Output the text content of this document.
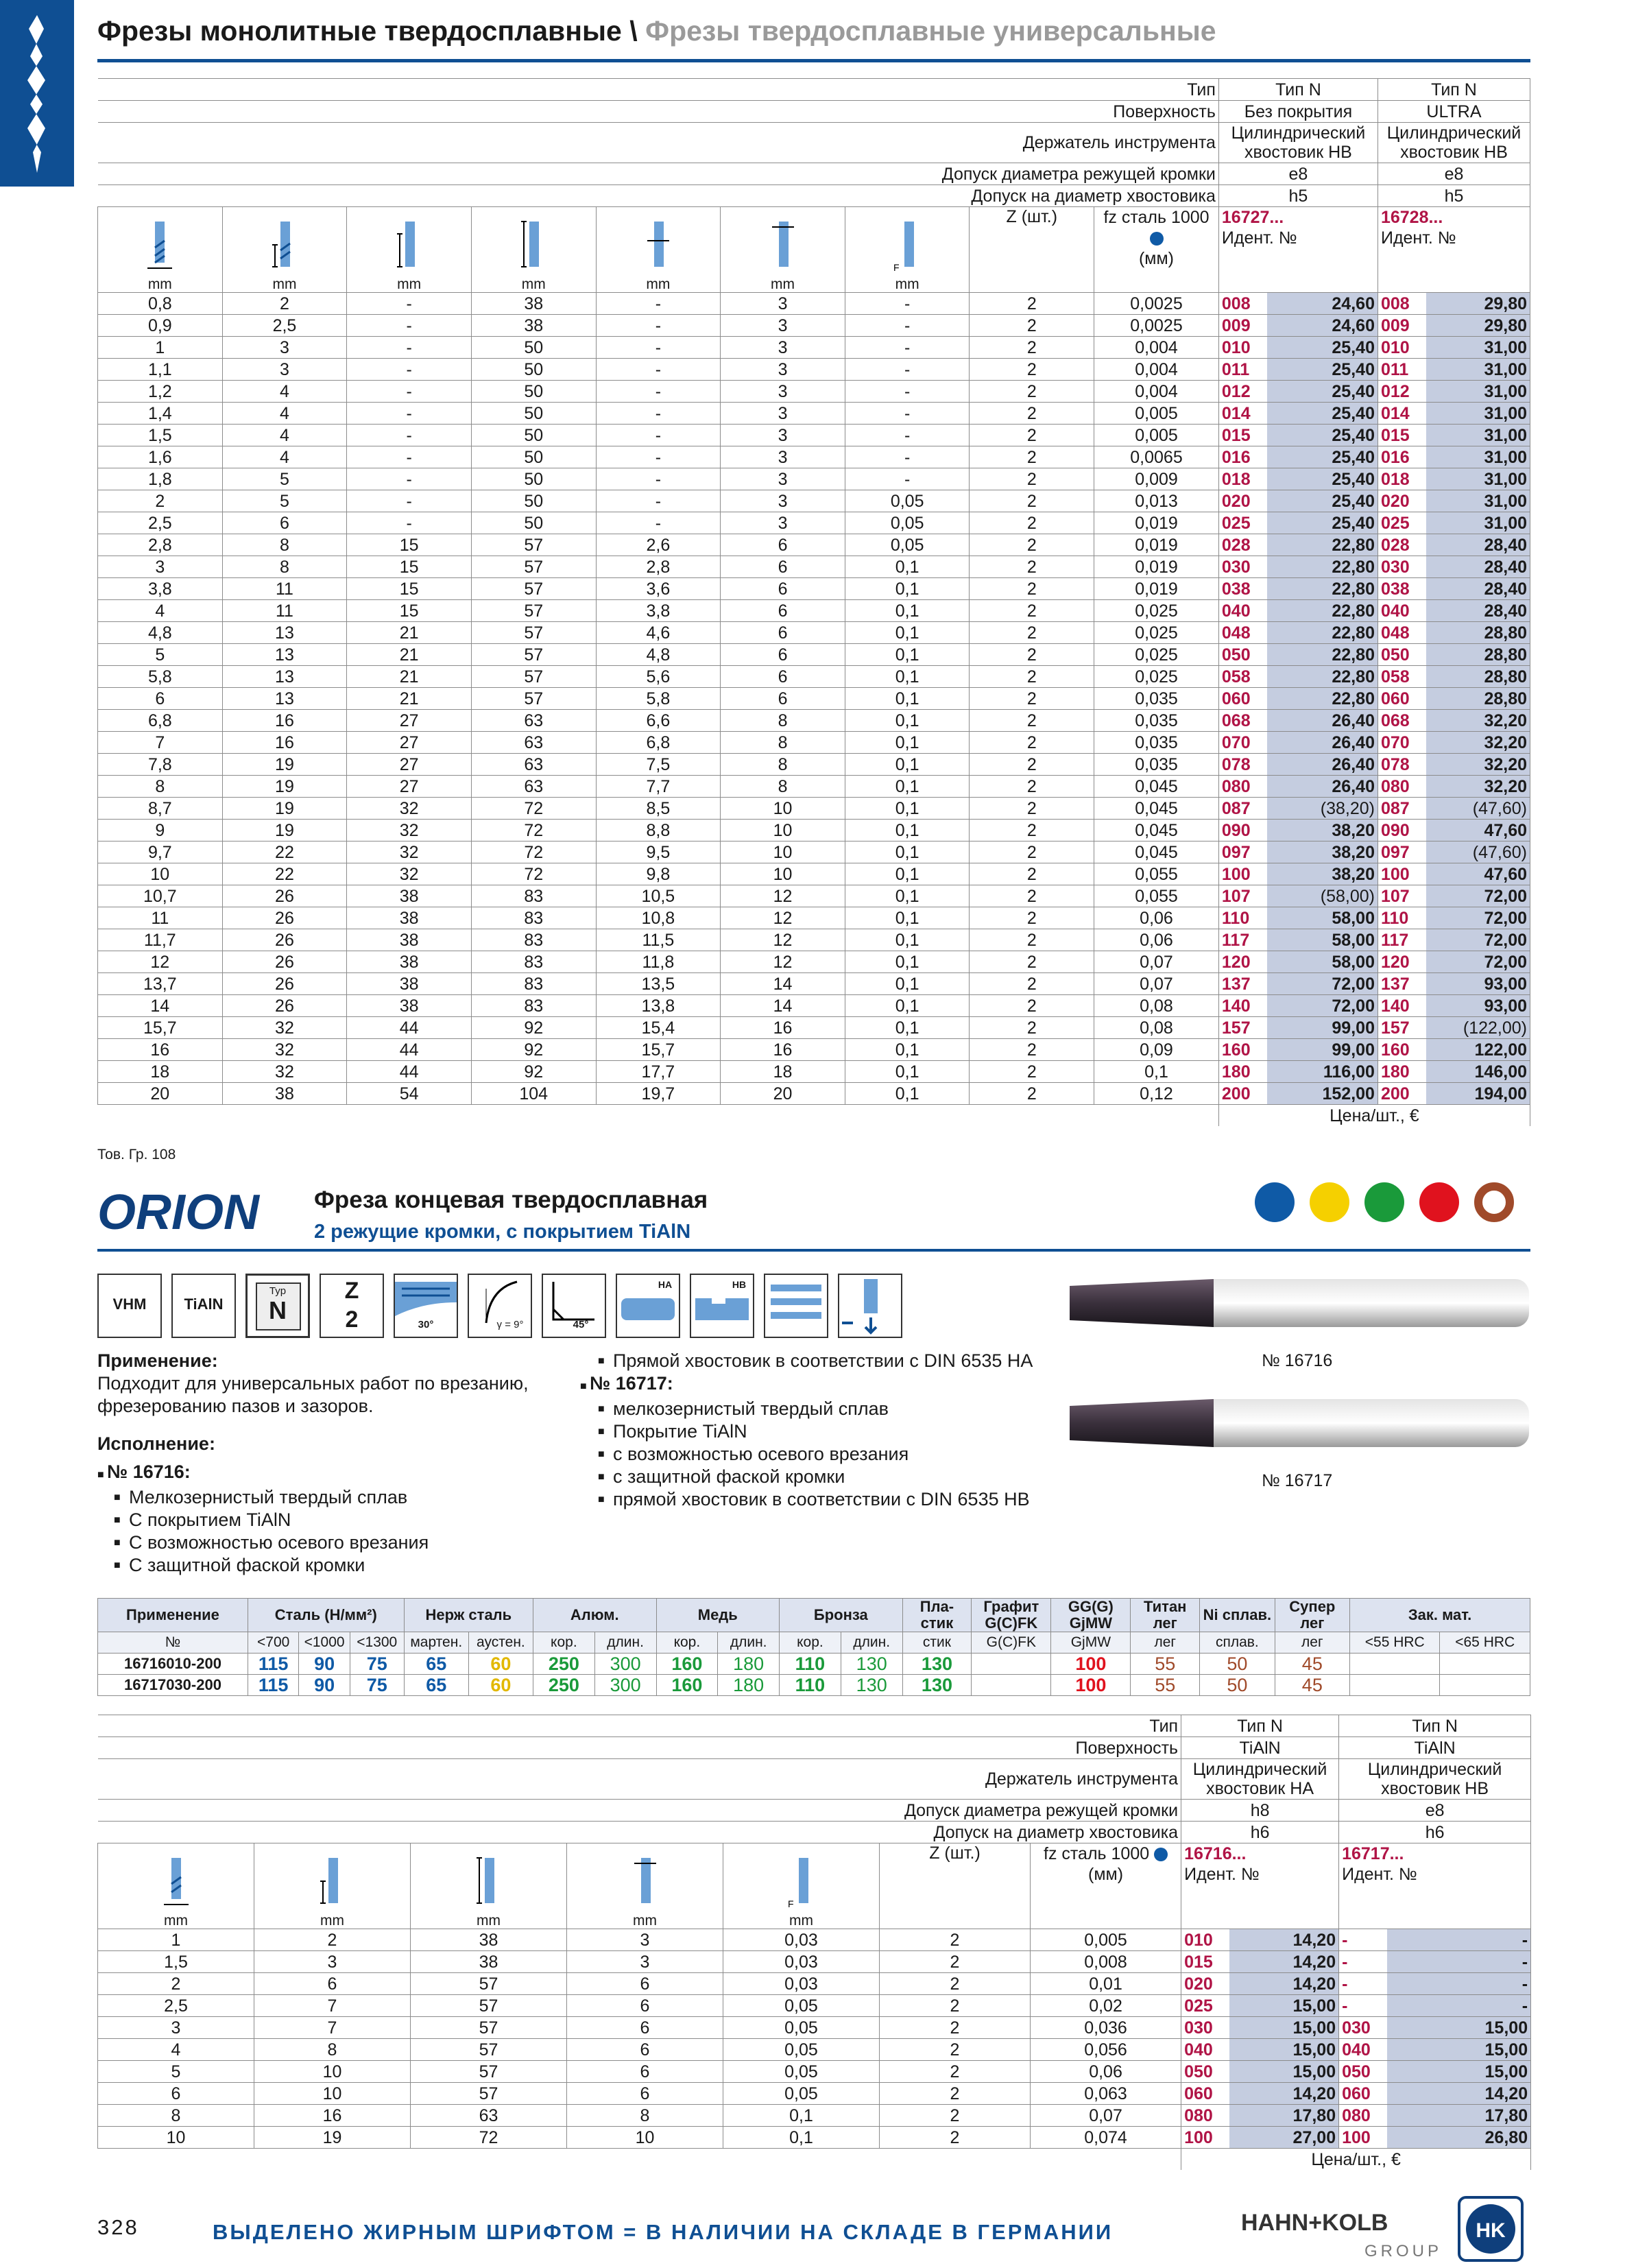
Фрезы монолитные твердосплавные \ Фрезы твердосплавные универсальные
Тип									Тип N		Тип N	
Поверхность									Без покрытия		ULTRA	
Держатель инструмента									Цилиндрический хвостовик HB		Цилиндрический хвостовик HB	
Допуск диаметра режущей кромки									e8		e8	
Допуск на диаметр хвостовика									h5		h5	

mm	mm	mm	mm	mm	mm	F

mm	Z (шт.)	fz сталь 1000
(мм)	16727...
Идент. №		16728...
Идент. №	
0,8	2	-	38	-	3	-	2	0,0025	008	24,60	008	29,80
0,9	2,5	-	38	-	3	-	2	0,0025	009	24,60	009	29,80
1	3	-	50	-	3	-	2	0,004	010	25,40	010	31,00
1,1	3	-	50	-	3	-	2	0,004	011	25,40	011	31,00
1,2	4	-	50	-	3	-	2	0,004	012	25,40	012	31,00
1,4	4	-	50	-	3	-	2	0,005	014	25,40	014	31,00
1,5	4	-	50	-	3	-	2	0,005	015	25,40	015	31,00
1,6	4	-	50	-	3	-	2	0,0065	016	25,40	016	31,00
1,8	5	-	50	-	3	-	2	0,009	018	25,40	018	31,00
2	5	-	50	-	3	0,05	2	0,013	020	25,40	020	31,00
2,5	6	-	50	-	3	0,05	2	0,019	025	25,40	025	31,00
2,8	8	15	57	2,6	6	0,05	2	0,019	028	22,80	028	28,40
3	8	15	57	2,8	6	0,1	2	0,019	030	22,80	030	28,40
3,8	11	15	57	3,6	6	0,1	2	0,019	038	22,80	038	28,40
4	11	15	57	3,8	6	0,1	2	0,025	040	22,80	040	28,40
4,8	13	21	57	4,6	6	0,1	2	0,025	048	22,80	048	28,80
5	13	21	57	4,8	6	0,1	2	0,025	050	22,80	050	28,80
5,8	13	21	57	5,6	6	0,1	2	0,025	058	22,80	058	28,80
6	13	21	57	5,8	6	0,1	2	0,035	060	22,80	060	28,80
6,8	16	27	63	6,6	8	0,1	2	0,035	068	26,40	068	32,20
7	16	27	63	6,8	8	0,1	2	0,035	070	26,40	070	32,20
7,8	19	27	63	7,5	8	0,1	2	0,035	078	26,40	078	32,20
8	19	27	63	7,7	8	0,1	2	0,045	080	26,40	080	32,20
8,7	19	32	72	8,5	10	0,1	2	0,045	087	(38,20)	087	(47,60)
9	19	32	72	8,8	10	0,1	2	0,045	090	38,20	090	47,60
9,7	22	32	72	9,5	10	0,1	2	0,045	097	38,20	097	(47,60)
10	22	32	72	9,8	10	0,1	2	0,055	100	38,20	100	47,60
10,7	26	38	83	10,5	12	0,1	2	0,055	107	(58,00)	107	72,00
11	26	38	83	10,8	12	0,1	2	0,06	110	58,00	110	72,00
11,7	26	38	83	11,5	12	0,1	2	0,06	117	58,00	117	72,00
12	26	38	83	11,8	12	0,1	2	0,07	120	58,00	120	72,00
13,7	26	38	83	13,5	14	0,1	2	0,07	137	72,00	137	93,00
14	26	38	83	13,8	14	0,1	2	0,08	140	72,00	140	93,00
15,7	32	44	92	15,4	16	0,1	2	0,08	157	99,00	157	(122,00)
16	32	44	92	15,7	16	0,1	2	0,09	160	99,00	160	122,00
18	32	44	92	17,7	18	0,1	2	0,1	180	116,00	180	146,00
20	38	54	104	19,7	20	0,1	2	0,12	200	152,00	200	194,00
									Цена/шт., €			
Тов. Гр. 108
ORION Фреза концевая твердосплавная
2 режущие кромки, с покрытием TiAlN
VHM	TiAlN
Typ
N
Z
2	30°	γ = 9°	45°
HA	HB
№ 16716
№ 16717
Применение:
Подходит для универсальных работ по врезанию, фрезерованию пазов и зазоров.
Исполнение:
■ № 16716:
■ Мелкозернистый твердый сплав
■ С покрытием TiAlN
■ С возможностью осевого врезания
■ С защитной фаской кромки
■ Прямой хвостовик в соответствии с DIN 6535 HA
■ № 16717:
■ мелкозернистый твердый сплав
■ Покрытие TiAlN
■ с возможностью осевого врезания
■ с защитной фаской кромки
■ прямой хвостовик в соответствии с DIN 6535 HB
Применение	Сталь (Н/мм²)			Нерж сталь		Алюм.		Медь		Бронза		Пла-стик	Графит G(C)FK	GG(G) GjMW	Титан лег	Ni сплав.	Супер лег	Зак. мат.	
№	<700	<1000	<1300	мартен.	аустен.	кор.	длин.	кор.	длин.	кор.	длин.	стик	G(C)FK	GjMW	лег	сплав.	лег	<55 HRC	<65 HRC
16716010-200	115	90	75	65	60	250	300	160	180	110	130	130		100	55	50	45		
16717030-200	115	90	75	65	60	250	300	160	180	110	130	130		100	55	50	45		
Тип							Тип N		Тип N	
Поверхность							TiAlN		TiAlN	
Держатель инструмента							Цилиндрический хвостовик HA		Цилиндрический хвостовик HB	
Допуск диаметра режущей кромки							h8		e8	
Допуск на диаметр хвостовика							h6		h6	

mm	mm	mm	mm	F

mm	Z (шт.)	fz сталь 1000
(мм)	16716...
Идент. №		16717...
Идент. №	
1	2	38	3	0,03	2	0,005	010	14,20	-	-
1,5	3	38	3	0,03	2	0,008	015	14,20	-	-
2	6	57	6	0,03	2	0,01	020	14,20	-	-
2,5	7	57	6	0,05	2	0,02	025	15,00	-	-
3	7	57	6	0,05	2	0,036	030	15,00	030	15,00
4	8	57	6	0,05	2	0,056	040	15,00	040	15,00
5	10	57	6	0,05	2	0,06	050	15,00	050	15,00
6	10	57	6	0,05	2	0,063	060	14,20	060	14,20
8	16	63	8	0,1	2	0,07	080	17,80	080	17,80
10	19	72	10	0,1	2	0,074	100	27,00	100	26,80
							Цена/шт., €			
328	ВЫДЕЛЕНО ЖИРНЫМ ШРИФТОМ = В НАЛИЧИИ НА СКЛАДЕ В ГЕРМАНИИ	HAHN+KOLB
GROUP
HK
